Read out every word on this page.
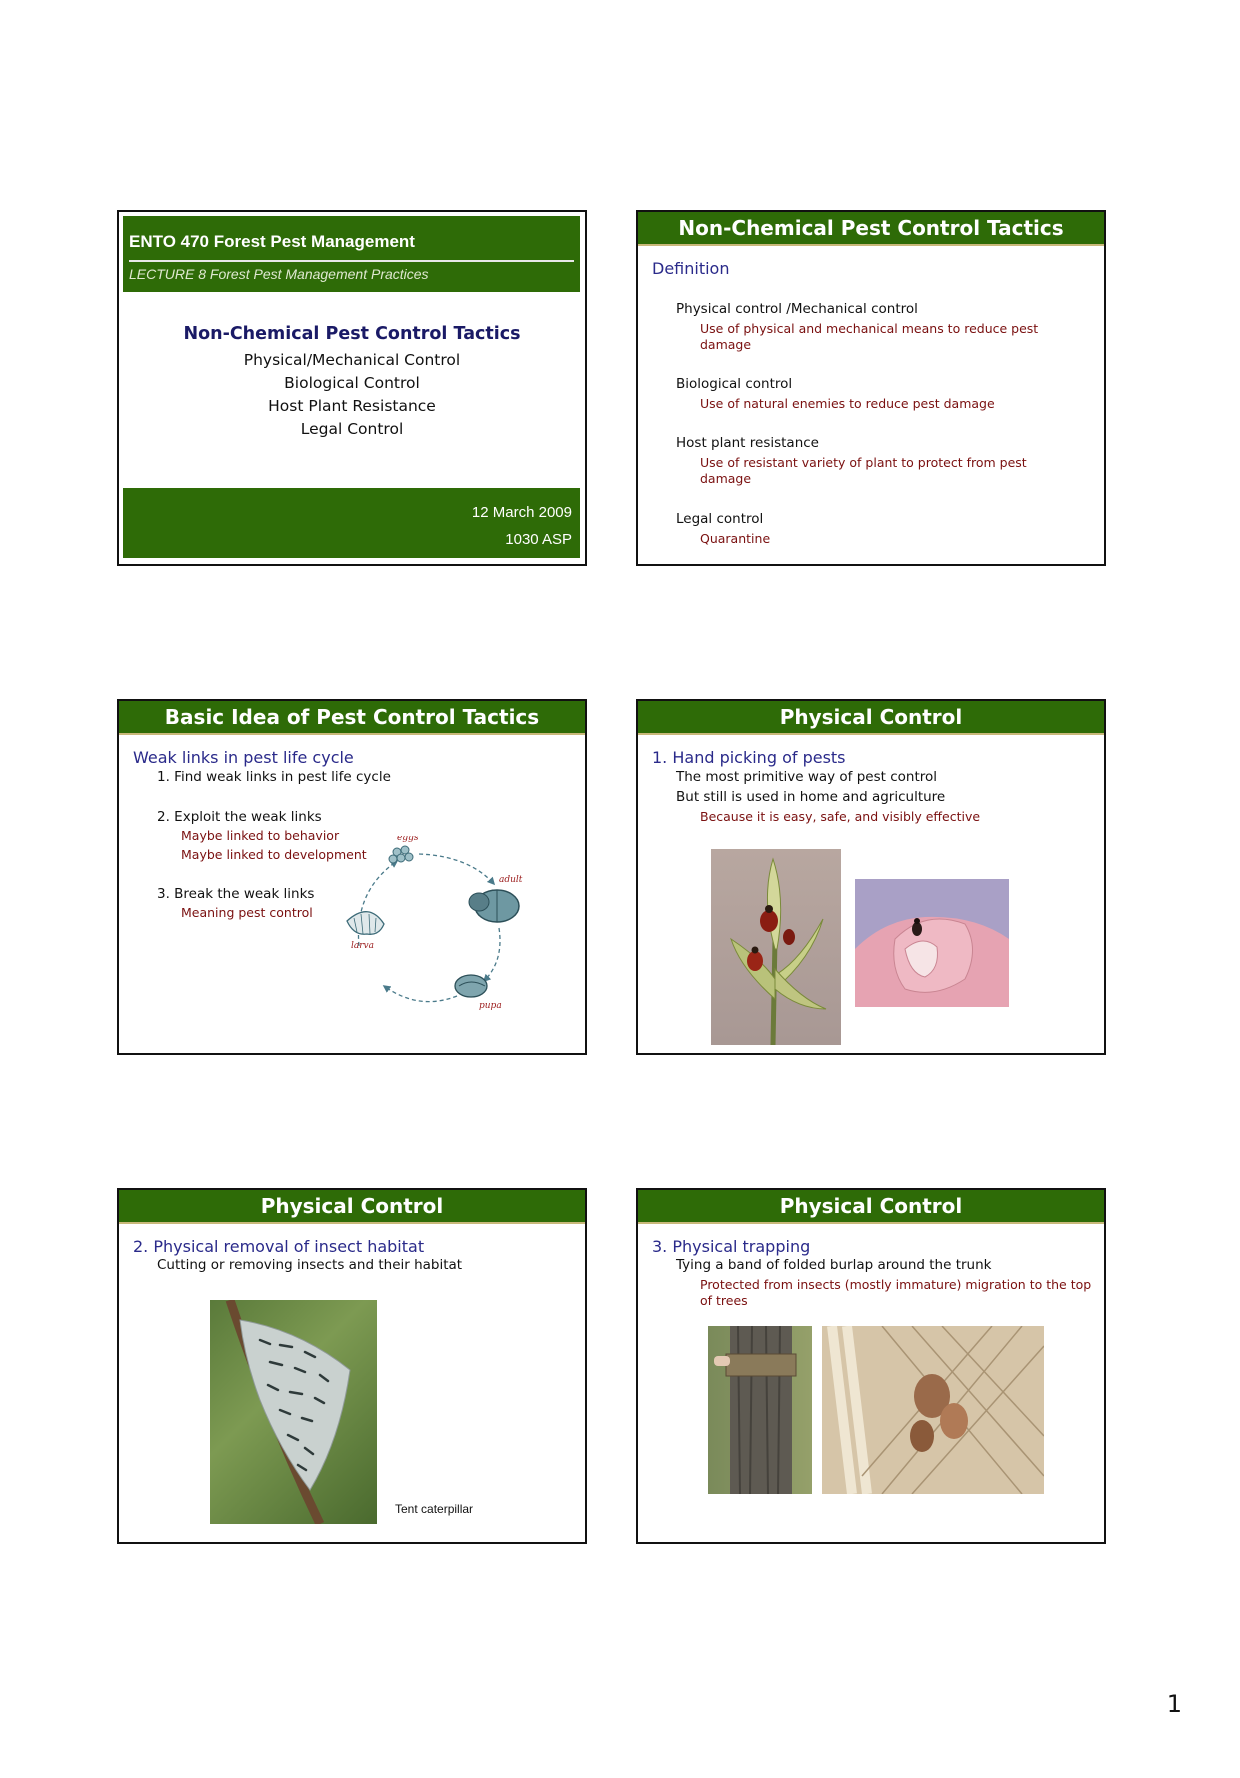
ENTO 470 Forest Pest Management
LECTURE 8 Forest Pest Management Practices
Non-Chemical Pest Control Tactics
Physical/Mechanical Control
Biological Control
Host Plant Resistance
Legal Control
12 March 2009
1030 ASP
Non-Chemical Pest Control Tactics
Definition
Physical control /Mechanical control
Use of physical and mechanical means to reduce pest damage
Biological control
Use of natural enemies to reduce pest damage
Host plant resistance
Use of resistant variety of plant to protect from pest damage
Legal control
Quarantine
Basic Idea of Pest Control Tactics
Weak links in pest life cycle
1. Find weak links in pest life cycle
2. Exploit the weak links
Maybe linked to behavior
Maybe linked to development
3. Break the weak links
Meaning pest control
eggs
adult
larva
pupa
Physical Control
1. Hand picking of pests
The most primitive way of pest control
But still is used in home and agriculture
Because it is easy, safe, and visibly effective
Physical Control
2. Physical removal of insect habitat
Cutting or removing insects and their habitat
Tent caterpillar
Physical Control
3. Physical trapping
Tying a band of folded burlap around the trunk
Protected from insects (mostly immature) migration to the top of trees
1
